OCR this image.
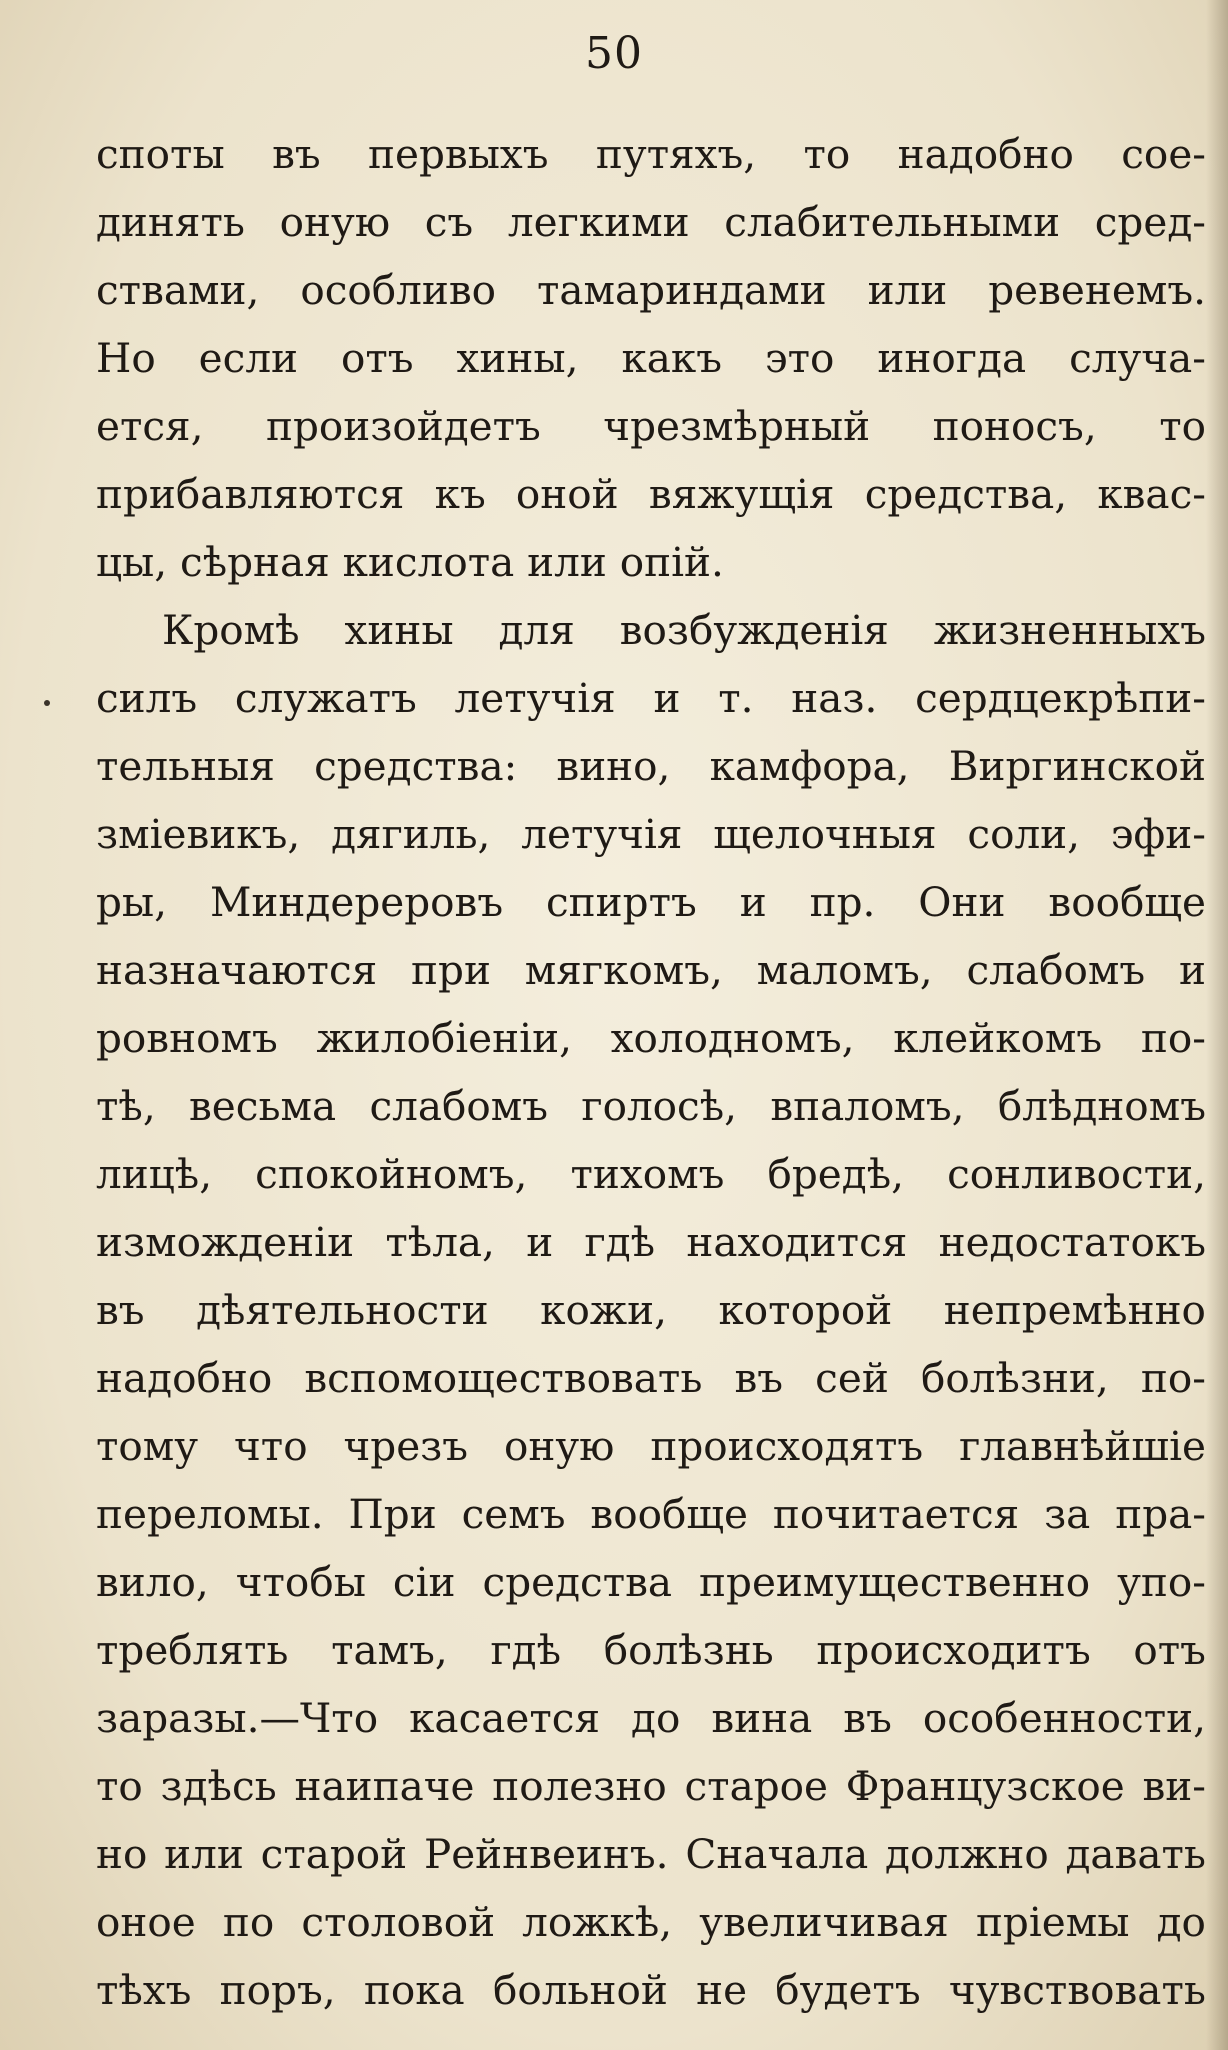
50
споты въ первыхъ путяхъ, то надобно сое-
динять оную съ легкими слабительными сред-
ствами, особливо тамариндами или ревенемъ.
Но если отъ хины, какъ это иногда случа-
ется, произойдетъ чрезмѣрный поносъ, то
прибавляются къ оной вяжущія средства, квас-
цы, сѣрная кислота или опій.
Кромѣ хины для возбужденія жизненныхъ
силъ служатъ летучія и т. наз. сердцекрѣпи-
тельныя средства: вино, камфора, Виргинской
зміевикъ, дягиль, летучія щелочныя соли, эфи-
ры, Миндереровъ спиртъ и пр. Они вообще
назначаются при мягкомъ, маломъ, слабомъ и
ровномъ жилобіеніи, холодномъ, клейкомъ по-
тѣ, весьма слабомъ голосѣ, впаломъ, блѣдномъ
лицѣ, спокойномъ, тихомъ бредѣ, сонливости,
изможденіи тѣла, и гдѣ находится недостатокъ
въ дѣятельности кожи, которой непремѣнно
надобно вспомоществовать въ сей болѣзни, по-
тому что чрезъ оную происходятъ главнѣйшіе
переломы. При семъ вообще почитается за пра-
вило, чтобы сіи средства преимущественно упо-
треблять тамъ, гдѣ болѣзнь происходитъ отъ
заразы.—Что касается до вина въ особенности,
то здѣсь наипаче полезно старое Французское ви-
но или старой Рейнвеинъ. Сначала должно давать
оное по столовой ложкѣ, увеличивая пріемы до
тѣхъ поръ, пока больной не будетъ чувствовать
